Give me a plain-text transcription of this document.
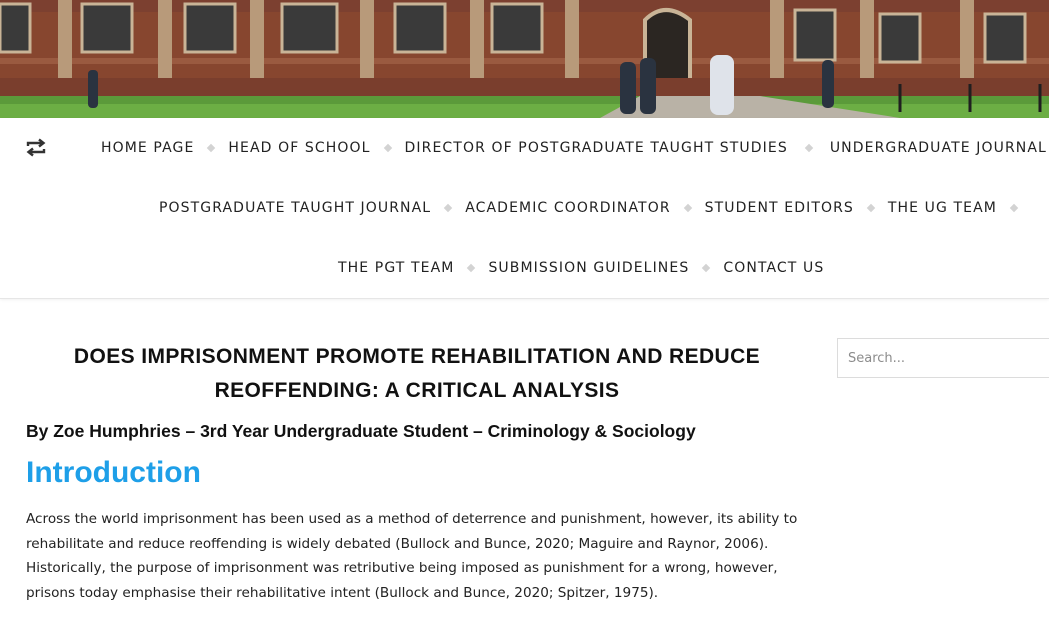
HOME PAGE HEAD OF SCHOOL DIRECTOR OF POSTGRADUATE TAUGHT STUDIES	UNDERGRADUATE JOURNAL
POSTGRADUATE TAUGHT JOURNAL ACADEMIC COORDINATOR STUDENT EDITORS THE UG TEAM
THE PGT TEAM SUBMISSION GUIDELINES CONTACT US
DOES IMPRISONMENT PROMOTE REHABILITATION AND REDUCE REOFFENDING: A CRITICAL ANALYSIS
By Zoe Humphries – 3rd Year Undergraduate Student – Criminology & Sociology
Introduction

Across the world imprisonment has been used as a method of deterrence and punishment, however, its ability to rehabilitate and reduce reoffending is widely debated (Bullock and Bunce, 2020; Maguire and Raynor, 2006). Historically, the purpose of imprisonment was retributive being imposed as punishment for a wrong, however, prisons today emphasise their rehabilitative intent (Bullock and Bunce, 2020; Spitzer, 1975).

Search...
